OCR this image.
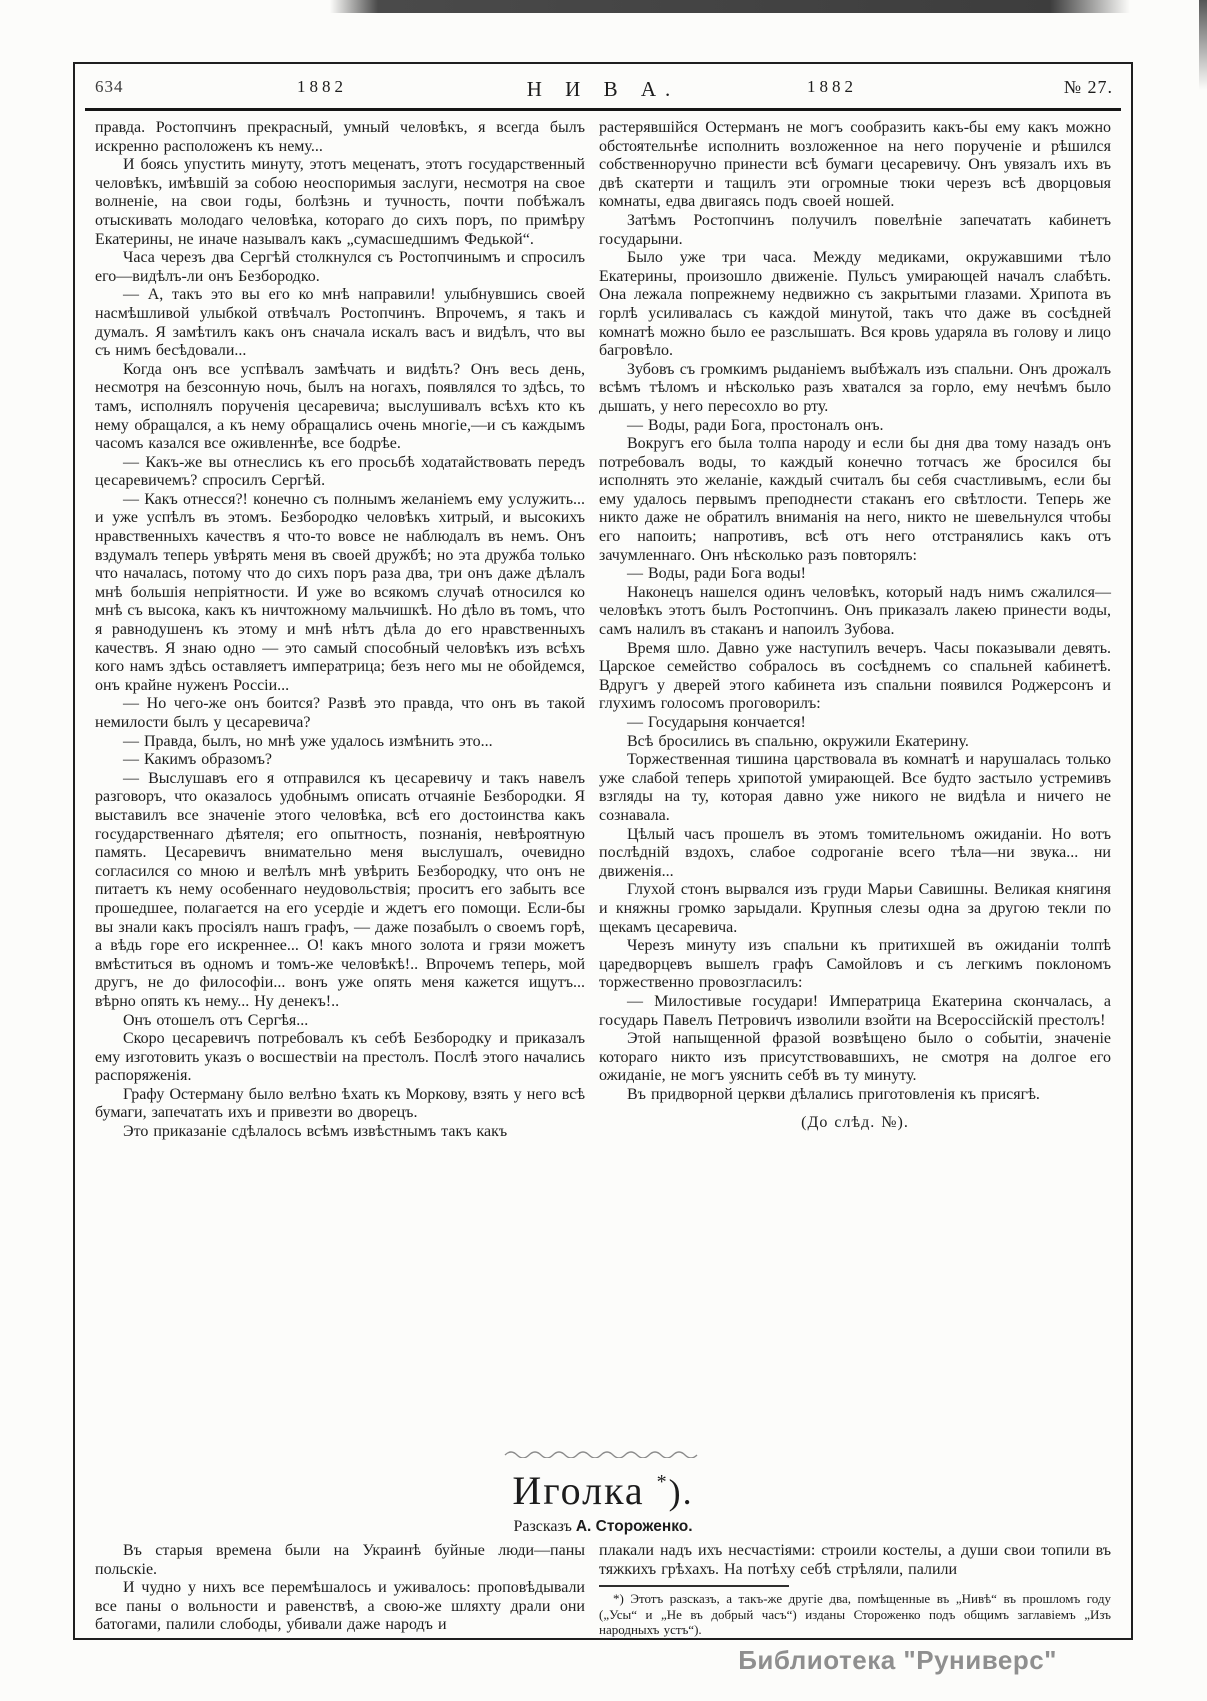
634	1882	Н И В А.	1882	№ 27.

правда. Ростопчинъ прекрасный, умный человѣкъ, я всегда былъ искренно расположенъ къ нему...

И боясь упустить минуту, этотъ меценатъ, этотъ государственный человѣкъ, имѣвшій за собою неоспоримыя заслуги, несмотря на свое волненіе, на свои годы, болѣзнь и тучность, почти побѣжалъ отыскивать молодаго человѣка, котораго до сихъ поръ, по примѣру Екатерины, не иначе называлъ какъ „сумасшедшимъ Федькой“.

Часа черезъ два Сергѣй столкнулся съ Ростопчинымъ и спросилъ его—видѣлъ-ли онъ Безбородко.

— А, такъ это вы его ко мнѣ направили! улыбнувшись своей насмѣшливой улыбкой отвѣчалъ Ростопчинъ. Впрочемъ, я такъ и думалъ. Я замѣтилъ какъ онъ сначала искалъ васъ и видѣлъ, что вы съ нимъ бесѣдовали...

Когда онъ все успѣвалъ замѣчать и видѣть? Онъ весь день, несмотря на безсонную ночь, былъ на ногахъ, появлялся то здѣсь, то тамъ, исполнялъ порученія цесаревича; выслушивалъ всѣхъ кто къ нему обращался, а къ нему обращались очень многіе,—и съ каждымъ часомъ казался все оживленнѣе, все бодрѣе.

— Какъ-же вы отнеслись къ его просьбѣ ходатайствовать передъ цесаревичемъ? спросилъ Сергѣй.

— Какъ отнесся?! конечно съ полнымъ желаніемъ ему услужить... и уже успѣлъ въ этомъ. Безбородко человѣкъ хитрый, и высокихъ нравственныхъ качествъ я что-то вовсе не наблюдалъ въ немъ. Онъ вздумалъ теперь увѣрять меня въ своей дружбѣ; но эта дружба только что началась, потому что до сихъ поръ раза два, три онъ даже дѣлалъ мнѣ большія непріятности. И уже во всякомъ случаѣ относился ко мнѣ съ высока, какъ къ ничтожному мальчишкѣ. Но дѣло въ томъ, что я равнодушенъ къ этому и мнѣ нѣтъ дѣла до его нравственныхъ качествъ. Я знаю одно — это самый способный человѣкъ изъ всѣхъ кого намъ здѣсь оставляетъ императрица; безъ него мы не обойдемся, онъ крайне нуженъ Россіи...

— Но чего-же онъ боится? Развѣ это правда, что онъ въ такой немилости былъ у цесаревича?

— Правда, былъ, но мнѣ уже удалось измѣнить это...

— Какимъ образомъ?

— Выслушавъ его я отправился къ цесаревичу и такъ навелъ разговоръ, что оказалось удобнымъ описать отчаяніе Безбородки. Я выставилъ все значеніе этого человѣка, всѣ его достоинства какъ государственнаго дѣятеля; его опытность, познанія, невѣроятную память. Цесаревичъ внимательно меня выслушалъ, очевидно согласился со мною и велѣлъ мнѣ увѣрить Безбородку, что онъ не питаетъ къ нему особеннаго неудовольствія; проситъ его забыть все прошедшее, полагается на его усердіе и ждетъ его помощи. Если-бы вы знали какъ просіялъ нашъ графъ, — даже позабылъ о своемъ горѣ, а вѣдь горе его искреннее... О! какъ много золота и грязи можетъ вмѣститься въ одномъ и томъ-же человѣкѣ!.. Впрочемъ теперь, мой другъ, не до философіи... вонъ уже опять меня кажется ищутъ... вѣрно опять къ нему... Ну денекъ!..

Онъ отошелъ отъ Сергѣя...

Скоро цесаревичъ потребовалъ къ себѣ Безбородку и приказалъ ему изготовить указъ о восшествіи на престолъ. Послѣ этого начались распоряженія.

Графу Остерману было велѣно ѣхать къ Моркову, взять у него всѣ бумаги, запечатать ихъ и привезти во дворецъ.

Это приказаніе сдѣлалось всѣмъ извѣстнымъ такъ какъ

растерявшійся Остерманъ не могъ сообразить какъ-бы ему какъ можно обстоятельнѣе исполнить возложенное на него порученіе и рѣшился собственноручно принести всѣ бумаги цесаревичу. Онъ увязалъ ихъ въ двѣ скатерти и тащилъ эти огромные тюки черезъ всѣ дворцовыя комнаты, едва двигаясь подъ своей ношей.

Затѣмъ Ростопчинъ получилъ повелѣніе запечатать кабинетъ государыни.

Было уже три часа. Между медиками, окружавшими тѣло Екатерины, произошло движеніе. Пульсъ умирающей началъ слабѣть. Она лежала попрежнему недвижно съ закрытыми глазами. Хрипота въ горлѣ усиливалась съ каждой минутой, такъ что даже въ сосѣдней комнатѣ можно было ее разслышать. Вся кровь ударяла въ голову и лицо багровѣло.

Зубовъ съ громкимъ рыданіемъ выбѣжалъ изъ спальни. Онъ дрожалъ всѣмъ тѣломъ и нѣсколько разъ хватался за горло, ему нечѣмъ было дышать, у него пересохло во рту.

— Воды, ради Бога, простоналъ онъ.

Вокругъ его была толпа народу и если бы дня два тому назадъ онъ потребовалъ воды, то каждый конечно тотчасъ же бросился бы исполнять это желаніе, каждый считалъ бы себя счастливымъ, если бы ему удалось первымъ преподнести стаканъ его свѣтлости. Теперь же никто даже не обратилъ вниманія на него, никто не шевельнулся чтобы его напоить; напротивъ, всѣ отъ него отстранялись какъ отъ зачумленнаго. Онъ нѣсколько разъ повторялъ:

— Воды, ради Бога воды!

Наконецъ нашелся одинъ человѣкъ, который надъ нимъ сжалился—человѣкъ этотъ былъ Ростопчинъ. Онъ приказалъ лакею принести воды, самъ налилъ въ стаканъ и напоилъ Зубова.

Время шло. Давно уже наступилъ вечеръ. Часы показывали девять. Царское семейство собралось въ сосѣднемъ со спальней кабинетѣ. Вдругъ у дверей этого кабинета изъ спальни появился Роджерсонъ и глухимъ голосомъ проговорилъ:

— Государыня кончается!

Всѣ бросились въ спальню, окружили Екатерину.

Торжественная тишина царствовала въ комнатѣ и нарушалась только уже слабой теперь хрипотой умирающей. Все будто застыло устремивъ взгляды на ту, которая давно уже никого не видѣла и ничего не сознавала.

Цѣлый часъ прошелъ въ этомъ томительномъ ожиданіи. Но вотъ послѣдній вздохъ, слабое содроганіе всего тѣла—ни звука... ни движенія...

Глухой стонъ вырвался изъ груди Марьи Савишны. Великая княгиня и княжны громко зарыдали. Крупныя слезы одна за другою текли по щекамъ цесаревича.

Черезъ минуту изъ спальни къ притихшей въ ожиданіи толпѣ царедворцевъ вышелъ графъ Самойловъ и съ легкимъ поклономъ торжественно провозгласилъ:

— Милостивые государи! Императрица Екатерина скончалась, а государь Павелъ Петровичъ изволили взойти на Всероссійскій престолъ!

Этой напыщенной фразой возвѣщено было о событіи, значеніе котораго никто изъ присутствовавшихъ, не смотря на долгое его ожиданіе, не могъ уяснить себѣ въ ту минуту.

Въ придворной церкви дѣлались приготовленія къ присягѣ.

(До слѣд. №).

Иголка *).
Разсказъ А. Стороженко.

Въ старыя времена были на Украинѣ буйные люди—паны польскіе.

И чудно у нихъ все перемѣшалось и уживалось: проповѣдывали все паны о вольности и равенствѣ, а свою-же шляхту драли они батогами, палили слободы, убивали даже народъ и

плакали надъ ихъ несчастіями: строили костелы, а души свои топили въ тяжкихъ грѣхахъ. На потѣху себѣ стрѣляли, палили

*) Этотъ разсказъ, а такъ-же другіе два, помѣщенные въ „Нивѣ“ въ прошломъ году („Усы“ и „Не въ добрый часъ“) изданы Стороженко подъ общимъ заглавіемъ „Изъ народныхъ устъ“).

Библиотека "Руниверс"
